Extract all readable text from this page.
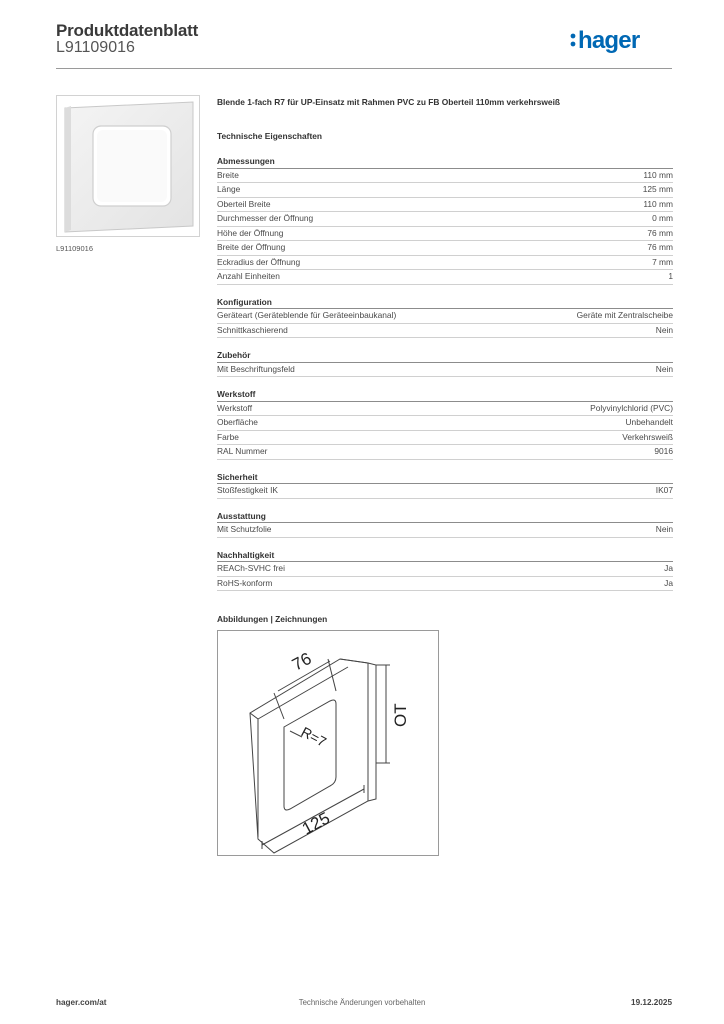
Produktdatenblatt
L91109016	hager
L91109016
Blende 1-fach R7 für UP-Einsatz mit Rahmen PVC zu FB Oberteil 110mm verkehrsweiß
Technische Eigenschaften
Abmessungen
Breite	110 mm
Länge	125 mm
Oberteil Breite	110 mm
Durchmesser der Öffnung	0 mm
Höhe der Öffnung	76 mm
Breite der Öffnung	76 mm
Eckradius der Öffnung	7 mm
Anzahl Einheiten	1
Konfiguration
Geräteart (Geräteblende für Geräteeinbaukanal)	Geräte mit Zentralscheibe
Schnittkaschierend	Nein
Zubehör
Mit Beschriftungsfeld	Nein
Werkstoff
Werkstoff	Polyvinylchlorid (PVC)
Oberfläche	Unbehandelt
Farbe	Verkehrsweiß
RAL Nummer	9016
Sicherheit
Stoßfestigkeit IK	IK07
Ausstattung
Mit Schutzfolie	Nein
Nachhaltigkeit
REACh-SVHC frei	Ja
RoHS-konform	Ja
Abbildungen | Zeichnungen
76
R=7
125
OT
hager.com/at	Technische Änderungen vorbehalten	19.12.2025
